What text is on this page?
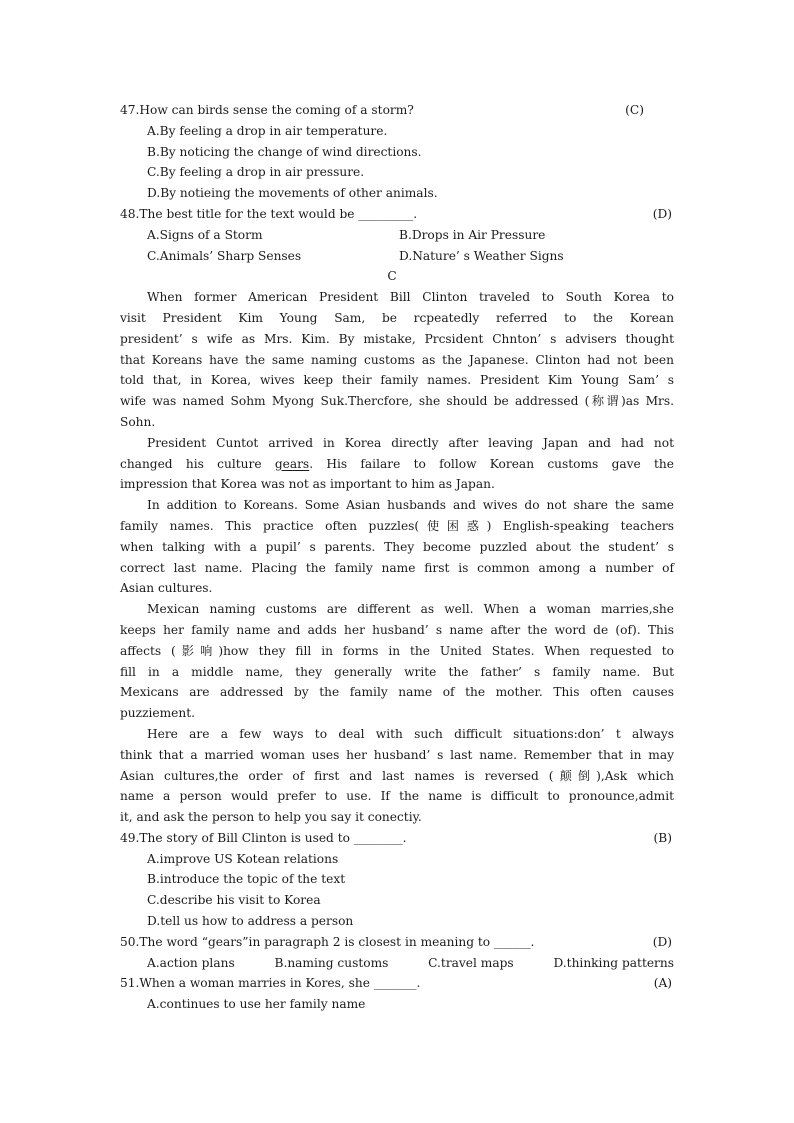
47.How can birds sense the coming of a storm?	(C)
A.By feeling a drop in air temperature.
B.By noticing the change of wind directions.
C.By feeling a drop in air pressure.
D.By notieing the movements of other animals.
48.The best title for the text would be _________.	(D)
A.Signs of a Storm	B.Drops in Air Pressure
C.Animals’ Sharp Senses	D.Nature’ s Weather Signs
C
When former American President Bill Clinton traveled to South Korea to
visit President Kim Young Sam, be rcpeatedly referred to the Korean
president’ s wife as Mrs. Kim. By mistake, Prcsident Chnton’ s advisers thought
that Koreans have the same naming customs as the Japanese. Clinton had not been
told that, in Korea, wives keep their family names. President Kim Young Sam’ s
wife was named Sohm Myong Suk.Thercfore, she should be addressed (称谓)as Mrs.
Sohn.
President Cuntot arrived in Korea directly after leaving Japan and had not
changed his culture gears. His failare to follow Korean customs gave the
impression that Korea was not as important to him as Japan.
In addition to Koreans. Some Asian husbands and wives do not share the same
family names. This practice often puzzles(使困惑) English-speaking teachers
when talking with a pupil’ s parents. They become puzzled about the student’ s
correct last name. Placing the family name first is common among a number of
Asian cultures.
Mexican naming customs are different as well. When a woman marries,she
keeps her family name and adds her husband’ s name after the word de (of). This
affects (影响)how they fill in forms in the United States. When requested to
fill in a middle name, they generally write the father’ s family name. But
Mexicans are addressed by the family name of the mother. This often causes
puzziement.
Here are a few ways to deal with such difficult situations:don’ t always
think that a married woman uses her husband’ s last name. Remember that in may
Asian cultures,the order of first and last names is reversed (颠倒),Ask which
name a person would prefer to use. If the name is difficult to pronounce,admit
it, and ask the person to help you say it conectiy.
49.The story of Bill Clinton is used to ________.	(B)
A.improve US Kotean relations
B.introduce the topic of the text
C.describe his visit to Korea
D.tell us how to address a person
50.The word “gears”in paragraph 2 is closest in meaning to ______.	(D)
A.action plans	B.naming customs	C.travel maps	D.thinking patterns
51.When a woman marries in Kores, she _______.	(A)
A.continues to use her family name
